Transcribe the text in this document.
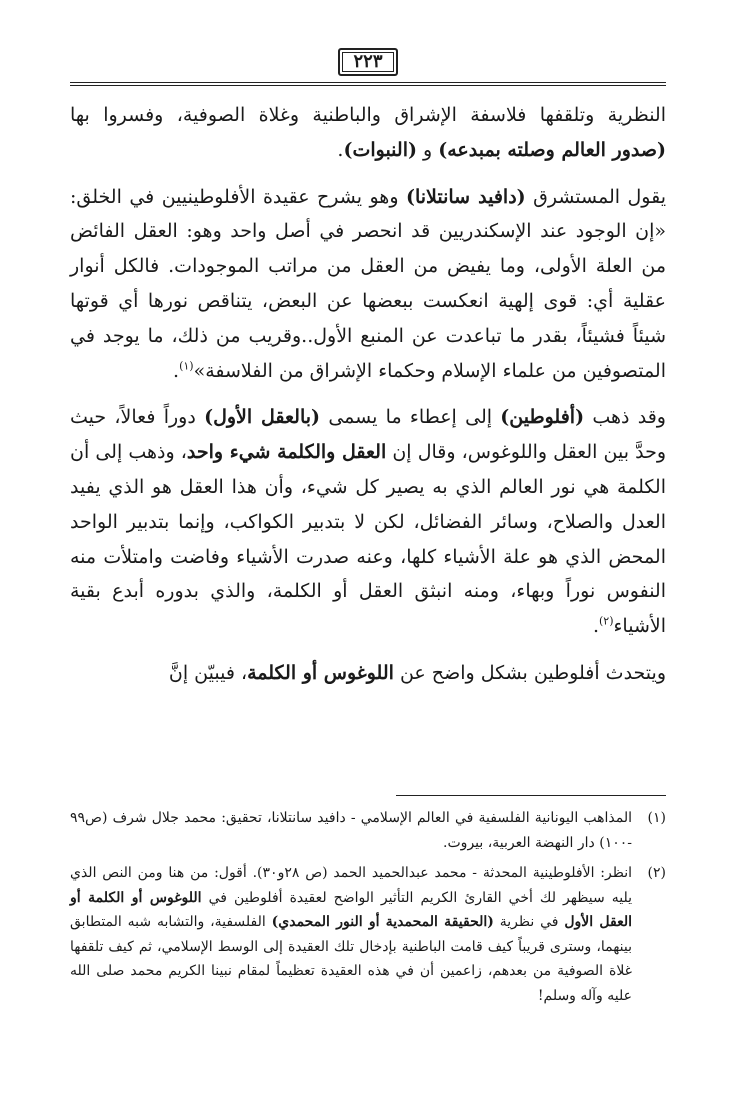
٢٢٣

النظرية وتلقفها فلاسفة الإشراق والباطنية وغلاة الصوفية، وفسروا بها (صدور العالم وصلته بمبدعه) و (النبوات).

يقول المستشرق (دافيد سانتلانا) وهو يشرح عقيدة الأفلوطينيين في الخلق: «إن الوجود عند الإسكندريين قد انحصر في أصل واحد وهو: العقل الفائض من العلة الأولى، وما يفيض من العقل من مراتب الموجودات. فالكل أنوار عقلية أي: قوى إلهية انعكست ببعضها عن البعض، يتناقص نورها أي قوتها شيئاً فشيئاً، بقدر ما تباعدت عن المنبع الأول..وقريب من ذلك، ما يوجد في المتصوفين من علماء الإسلام وحكماء الإشراق من الفلاسفة»$^{(١)}$.

وقد ذهب (أفلوطين) إلى إعطاء ما يسمى (بالعقل الأول) دوراً فعالاً، حيث وحدَّ بين العقل واللوغوس، وقال إن العقل والكلمة شيء واحد، وذهب إلى أن الكلمة هي نور العالم الذي به يصير كل شيء، وأن هذا العقل هو الذي يفيد العدل والصلاح، وسائر الفضائل، لكن لا بتدبير الكواكب، وإنما بتدبير الواحد المحض الذي هو علة الأشياء كلها، وعنه صدرت الأشياء وفاضت وامتلأت منه النفوس نوراً وبهاء، ومنه انبثق العقل أو الكلمة، والذي بدوره أبدع بقية الأشياء$^{(٢)}$.

ويتحدث أفلوطين بشكل واضح عن اللوغوس أو الكلمة، فيبيّن إنَّ

(١)
المذاهب اليونانية الفلسفية في العالم الإسلامي - دافيد سانتلانا، تحقيق: محمد جلال شرف (ص٩٩ -١٠٠) دار النهضة العربية، بيروت.
(٢)
انظر: الأفلوطينية المحدثة - محمد عبدالحميد الحمد (ص ٢٨و٣٠). أقول: من هنا ومن النص الذي يليه سيظهر لك أخي القارئ الكريم التأثير الواضح لعقيدة أفلوطين في اللوغوس أو الكلمة أو العقل الأول في نظرية (الحقيقة المحمدية أو النور المحمدي) الفلسفية، والتشابه شبه المتطابق بينهما، وسترى قريباً كيف قامت الباطنية بإدخال تلك العقيدة إلى الوسط الإسلامي، ثم كيف تلقفها غلاة الصوفية من بعدهم، زاعمين أن في هذه العقيدة تعظيماً لمقام نبينا الكريم محمد صلى الله عليه وآله وسلم!
